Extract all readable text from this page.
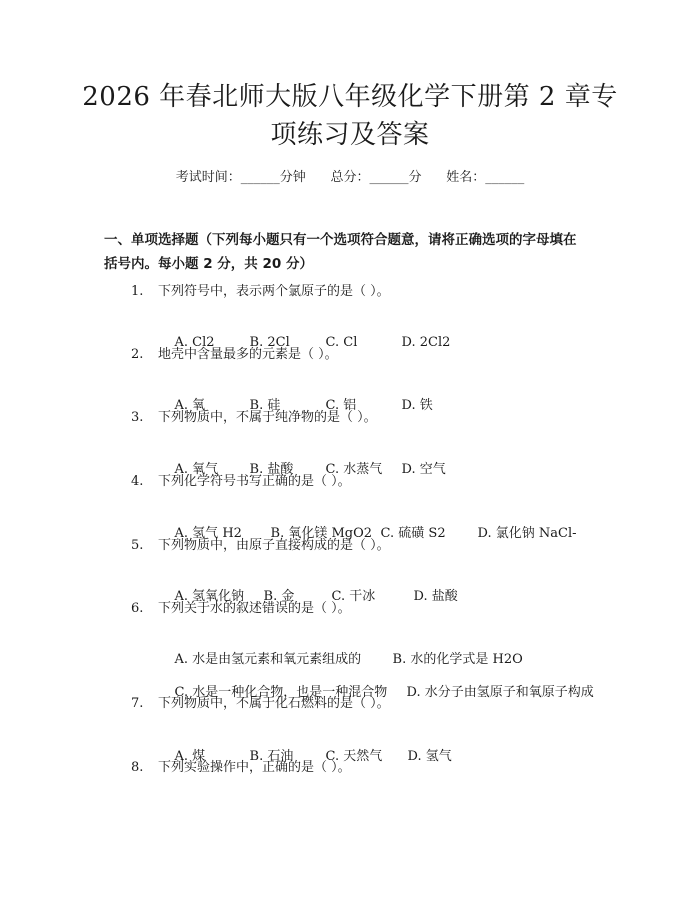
2026 年春北师大版八年级化学下册第 2 章专
项练习及答案
考试时间：______分钟      总分：______分      姓名：______
一、单项选择题（下列每小题只有一个选项符合题意，请将正确选项的字母填在
括号内。每小题 2 分，共 20 分）
1.	下列符号中，表示两个氯原子的是（ ）。

A. Cl2	B. 2Cl	C. Cl	D. 2Cl2

2.	地壳中含量最多的元素是（ ）。

A. 氧	B. 硅	C. 铝	D. 铁

3.	下列物质中，不属于纯净物的是（ ）。

A. 氧气 B. 盐酸 C. 水蒸气 D. 空气

4.	下列化学符号书写正确的是（ ）。

A. 氢气 H2 B. 氧化镁 MgO2 C. 硫磺 S2 D. 氯化钠 NaCl-

5.	下列物质中，由原子直接构成的是（ ）。

A. 氢氧化钠 B. 金	C. 干冰	D. 盐酸

6.	下列关于水的叙述错误的是（ ）。

A. 水是由氢元素和氧元素组成的 B. 水的化学式是 H2O

C. 水是一种化合物，也是一种混合物 D. 水分子由氢原子和氧原子构成

7.	下列物质中，不属于化石燃料的是（ ）。

A. 煤	B. 石油 C. 天然气 D. 氢气

8.	下列实验操作中，正确的是（ ）。
